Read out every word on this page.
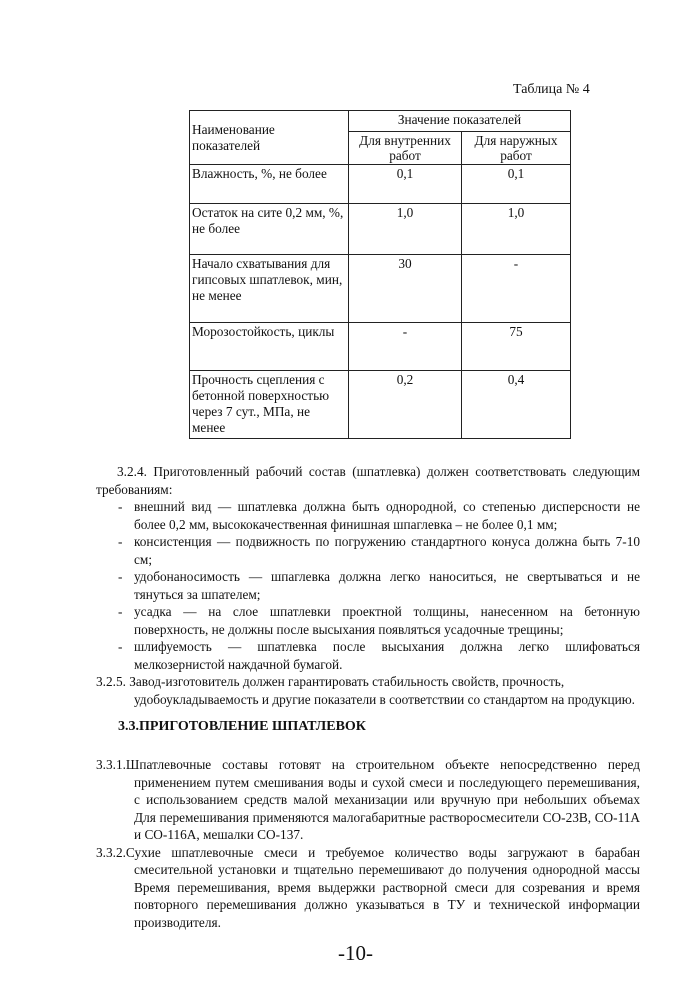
Таблица № 4
Наименование показателей	Значение показателей	
	Для внутренних работ	Для наружных работ
Влажность, %, не более	0,1	0,1
Остаток на сите 0,2 мм, %, не более	1,0	1,0
Начало схватывания для гипсовых шпатлевок, мин, не менее	30	-
Морозостойкость, циклы	-	75
Прочность сцепления с бетонной поверхностью через 7 сут., МПа, не менее	0,2	0,4
3.2.4. Приготовленный рабочий состав (шпатлевка) должен соответствовать следующим
требованиям:
- внешний вид — шпатлевка должна быть однородной, со степенью дисперсности не
более 0,2 мм, высококачественная финишная шпаглевка – не более 0,1 мм;
- консистенция — подвижность по погружению стандартного конуса должна быть 7-10
см;
- удобонаносимость — шпаглевка должна легко наноситься, не свертываться и не
тянуться за шпателем;
- усадка — на слое шпатлевки проектной толщины, нанесенном на бетонную
поверхность, не должны после высыхания появляться усадочные трещины;
- шлифуемость — шпатлевка после высыхания должна легко шлифоваться
мелкозернистой наждачной бумагой.
3.2.5. Завод-изготовитель должен гарантировать стабильность свойств, прочность,
удобоукладываемость и другие показатели в соответствии со стандартом на продукцию.
3.3.ПРИГОТОВЛЕНИЕ ШПАТЛЕВОК
3.3.1.Шпатлевочные составы готовят на строительном объекте непосредственно перед
применением путем смешивания воды и сухой смеси и последующего перемешивания,
с использованием средств малой механизации или вручную при небольших объемах
Для перемешивания применяются малогабаритные растворосмесители СО-23В, СО-11А
и СО-116А, мешалки СО-137.
3.3.2.Сухие шпатлевочные смеси и требуемое количество воды загружают в барабан
смесительной установки и тщательно перемешивают до получения однородной массы
Время перемешивания, время выдержки растворной смеси для созревания и время
повторного перемешивания должно указываться в ТУ и технической информации
производителя.
-10-
